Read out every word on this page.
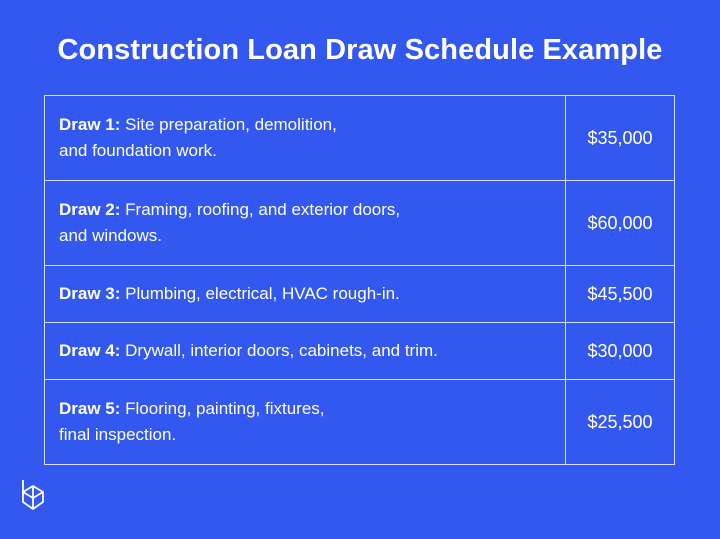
Construction Loan Draw Schedule Example
Draw 1: Site preparation, demolition,
and foundation work.	$35,000
Draw 2: Framing, roofing, and exterior doors,
and windows.	$60,000
Draw 3: Plumbing, electrical, HVAC rough-in.	$45,500
Draw 4: Drywall, interior doors, cabinets, and trim.	$30,000
Draw 5: Flooring, painting, fixtures,
final inspection.	$25,500
